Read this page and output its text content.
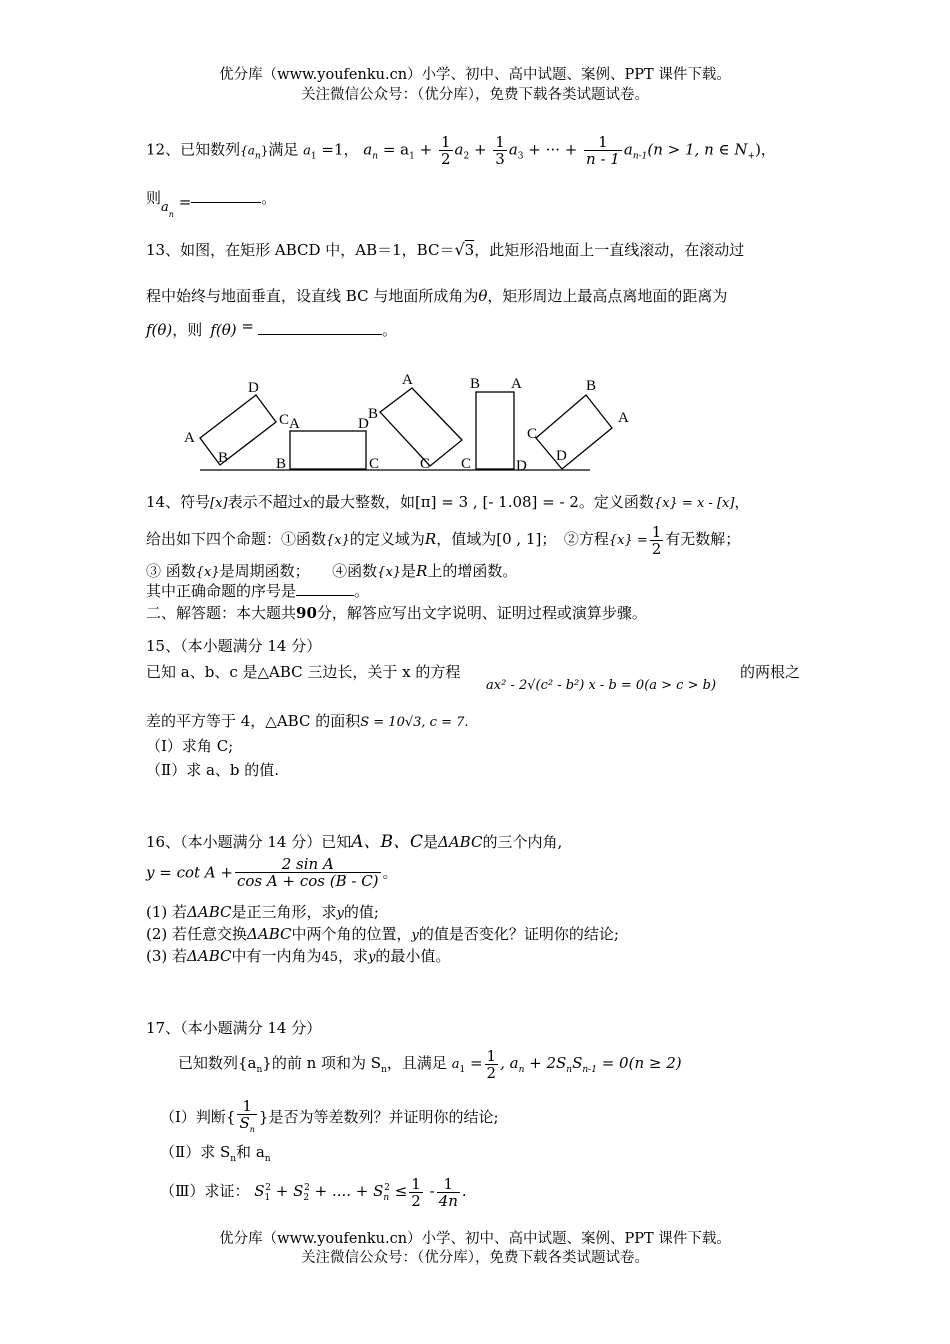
优分库（www.youfenku.cn）小学、初中、高中试题、案例、PPT 课件下载。
关注微信公众号：（优分库），免费下载各类试题试卷。
12、已知数列$\{a_n\}$满足 $a_1 =1$， $a_n = a_1 + \frac{1}{2} a_2 + \frac{1}{3} a_3$ + ··· + $\frac{1}{n - 1} a_{n-1}(n > 1$, n ∈ $N_+$)，
则$a_n$ =	。
13、如图，在矩形 ABCD 中，AB＝1，BC＝√3，此矩形沿地面上一直线滚动，在滚动过
程中始终与地面垂直，设直线 BC 与地面所成角为θ，矩形周边上最高点离地面的距离为
f(θ)，则 f(θ) =	。
D
A
B
C A
B
D
C
A
B
C
B A
C	D
B
A
C
D
14、符号[x]表示不超过x的最大整数，如[π] = 3 , [- 1.08] = - 2。定义函数{x} = x - [x]，
给出如下四个命题：①函数{x}的定义域为R，值域为[0 , 1]；　②方程$\{x\} = \frac{1}{2}$ 有无数解；
③ 函数{x}是周期函数；　　④函数{x}是R上的增函数。
其中正确命题的序号是	。
二、解答题：本大题共90分，解答应写出文字说明、证明过程或演算步骤。
15、（本小题满分 14 分）
已知 a、b、c 是△ABC 三边长，关于 x 的方程
ax² - 2√(c² - b²) x - b = 0(a > c > b)
的两根之
差的平方等于 4，△ABC 的面积S = 10√3, c = 7.
（Ⅰ）求角 C;
（Ⅱ）求 a、b 的值.
16、（本小题满分 14 分）已知A、B、C是ΔABC的三个内角,
$y = \cot A + \frac{\text{2 sin A}}{\text{cos A + cos (B - C)}}$ 。
(1) 若ΔABC是正三角形，求y的值;
(2) 若任意交换ΔABC中两个角的位置，y的值是否变化？证明你的结论;
(3) 若ΔABC中有一内角为45，求y的最小值。
17、（本小题满分 14 分）
已知数列$\{a_n\}$的前 n 项和为 $S_n$，且满足 $a_1 = \frac{1}{2}$ , $a_n + 2S_nS_{n-1} = 0(n \ge 2)$
（Ⅰ）判断{ $\frac{1}{S_n}$ }是否为等差数列？并证明你的结论;
（Ⅱ）求 $S_n$和 $a_n$
（Ⅲ）求证： $S_1^2 + S_2^2$ + .... + $S_n^2 \le \frac{1}{2} - \frac{1}{4n}$ .
优分库（www.youfenku.cn）小学、初中、高中试题、案例、PPT 课件下载。
关注微信公众号：（优分库），免费下载各类试题试卷。
